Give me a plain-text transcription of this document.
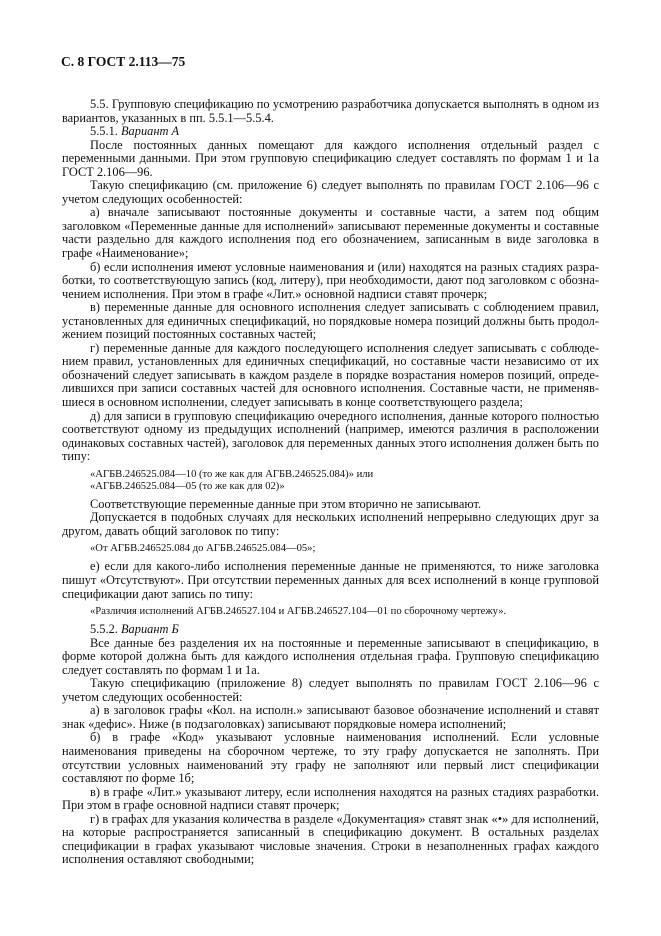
С. 8 ГОСТ 2.113—75

5.5. Групповую спецификацию по усмотрению разработчика допускается выполнять в одном из вариантов, указанных в пп. 5.5.1—5.5.4.

5.5.1. Вариант А

После постоянных данных помещают для каждого исполнения отдельный раздел с переменными данными. При этом групповую спецификацию следует составлять по формам 1 и 1а ГОСТ 2.106—96.

Такую спецификацию (см. приложение 6) следует выполнять по правилам ГОСТ 2.106—96 с учетом следующих особенностей:

а) вначале записывают постоянные документы и составные части, а затем под общим заголовком «Переменные данные для исполнений» записывают переменные документы и составные части раздельно для каждого исполнения под его обозначением, записанным в виде заголовка в графе «Наименование»;

б) если исполнения имеют условные наименования и (или) находятся на разных стадиях разработки, то соответствующую запись (код, литеру), при необходимости, дают под заголовком с обозначением исполнения. При этом в графе «Лит.» основной надписи ставят прочерк;

в) переменные данные для основного исполнения следует записывать с соблюдением правил, установленных для единичных спецификаций, но порядковые номера позиций должны быть продолжением позиций постоянных составных частей;

г) переменные данные для каждого последующего исполнения следует записывать с соблюдением правил, установленных для единичных спецификаций, но составные части независимо от их обозначений следует записывать в каждом разделе в порядке возрастания номеров позиций, определившихся при записи составных частей для основного исполнения. Составные части, не применявшиеся в основном исполнении, следует записывать в конце соответствующего раздела;

д) для записи в групповую спецификацию очередного исполнения, данные которого полностью соответствуют одному из предыдущих исполнений (например, имеются различия в расположении одинаковых составных частей), заголовок для переменных данных этого исполнения должен быть по типу:

«АГБВ.246525.084—10 (то же как для АГБВ.246525.084)» или

«АГБВ.246525.084—05 (то же как для 02)»

Соответствующие переменные данные при этом вторично не записывают.

Допускается в подобных случаях для нескольких исполнений непрерывно следующих друг за другом, давать общий заголовок по типу:

«От АГБВ.246525.084 до АГБВ.246525.084—05»;

е) если для какого-либо исполнения переменные данные не применяются, то ниже заголовка пишут «Отсутствуют». При отсутствии переменных данных для всех исполнений в конце групповой спецификации дают запись по типу:

«Различия исполнений АГБВ.246527.104 и АГБВ.246527.104—01 по сборочному чертежу».

5.5.2. Вариант Б

Все данные без разделения их на постоянные и переменные записывают в спецификацию, в форме которой должна быть для каждого исполнения отдельная графа. Групповую спецификацию следует составлять по формам 1 и 1а.

Такую спецификацию (приложение 8) следует выполнять по правилам ГОСТ 2.106—96 с учетом следующих особенностей:

а) в заголовок графы «Кол. на исполн.» записывают базовое обозначение исполнений и ставят знак «дефис». Ниже (в подзаголовках) записывают порядковые номера исполнений;

б) в графе «Код» указывают условные наименования исполнений. Если условные наименования приведены на сборочном чертеже, то эту графу допускается не заполнять. При отсутствии условных наименований эту графу не заполняют или первый лист спецификации составляют по форме 1б;

в) в графе «Лит.» указывают литеру, если исполнения находятся на разных стадиях разработки. При этом в графе основной надписи ставят прочерк;

г) в графах для указания количества в разделе «Документация» ставят знак «•» для исполнений, на которые распространяется записанный в спецификацию документ. В остальных разделах спецификации в графах указывают числовые значения. Строки в незаполненных графах каждого исполнения оставляют свободными;
